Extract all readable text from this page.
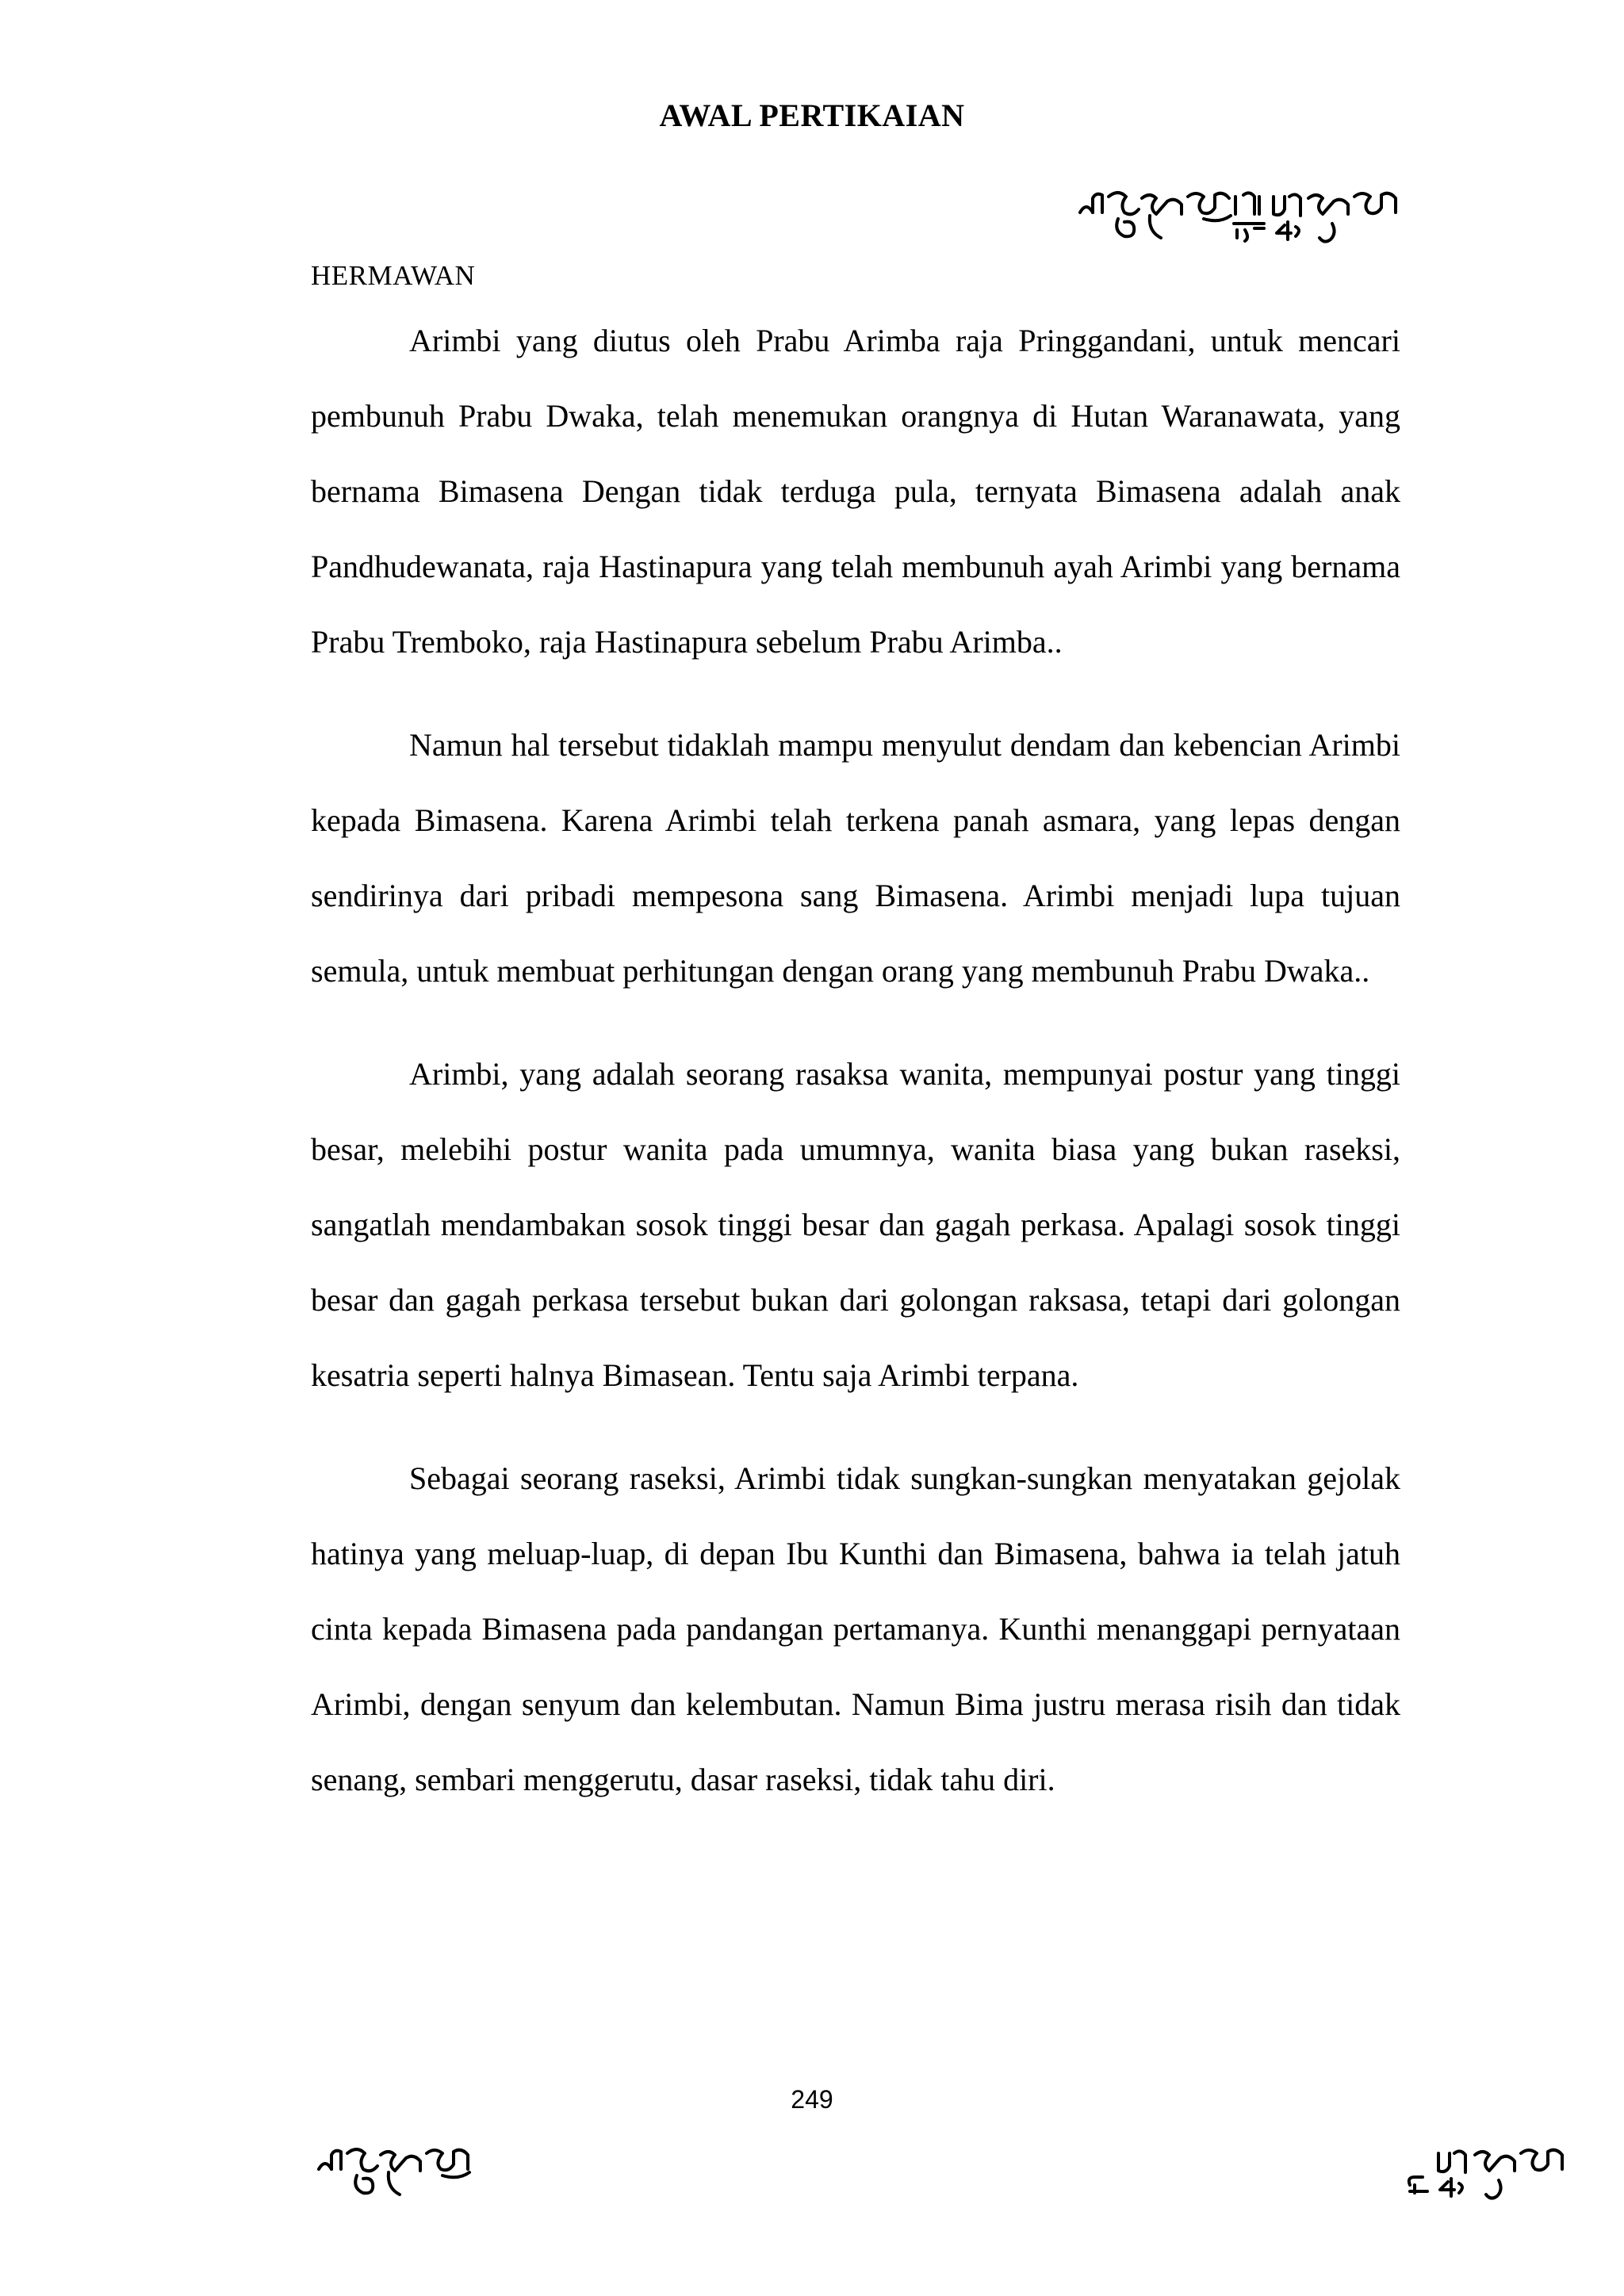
AWAL PERTIKAIAN

HERMAWAN

Arimbi yang diutus oleh Prabu Arimba raja Pringgandani, untuk mencari pembunuh Prabu Dwaka, telah menemukan orangnya di Hutan Waranawata, yang bernama Bimasena Dengan tidak terduga pula, ternyata Bimasena adalah anak Pandhudewanata, raja Hastinapura yang telah membunuh ayah Arimbi yang bernama Prabu Tremboko, raja Hastinapura sebelum Prabu Arimba..

Namun hal tersebut tidaklah mampu menyulut dendam dan kebencian Arimbi kepada Bimasena. Karena Arimbi telah terkena panah asmara, yang lepas dengan sendirinya dari pribadi mempesona sang Bimasena. Arimbi menjadi lupa tujuan semula, untuk membuat perhitungan dengan orang yang membunuh Prabu Dwaka..

Arimbi, yang adalah seorang rasaksa wanita, mempunyai postur yang tinggi besar, melebihi postur wanita pada umumnya, wanita biasa yang bukan raseksi, sangatlah mendambakan sosok tinggi besar dan gagah perkasa. Apalagi sosok tinggi besar dan gagah perkasa tersebut bukan dari golongan raksasa, tetapi dari golongan kesatria seperti halnya Bimasean. Tentu saja Arimbi terpana.

Sebagai seorang raseksi, Arimbi tidak sungkan-sungkan menyatakan gejolak hatinya yang meluap-luap, di depan Ibu Kunthi dan Bimasena, bahwa ia telah jatuh cinta kepada Bimasena pada pandangan pertamanya. Kunthi menanggapi pernyataan Arimbi, dengan senyum dan kelembutan. Namun Bima justru merasa risih dan tidak senang, sembari menggerutu, dasar raseksi, tidak tahu diri.

249
